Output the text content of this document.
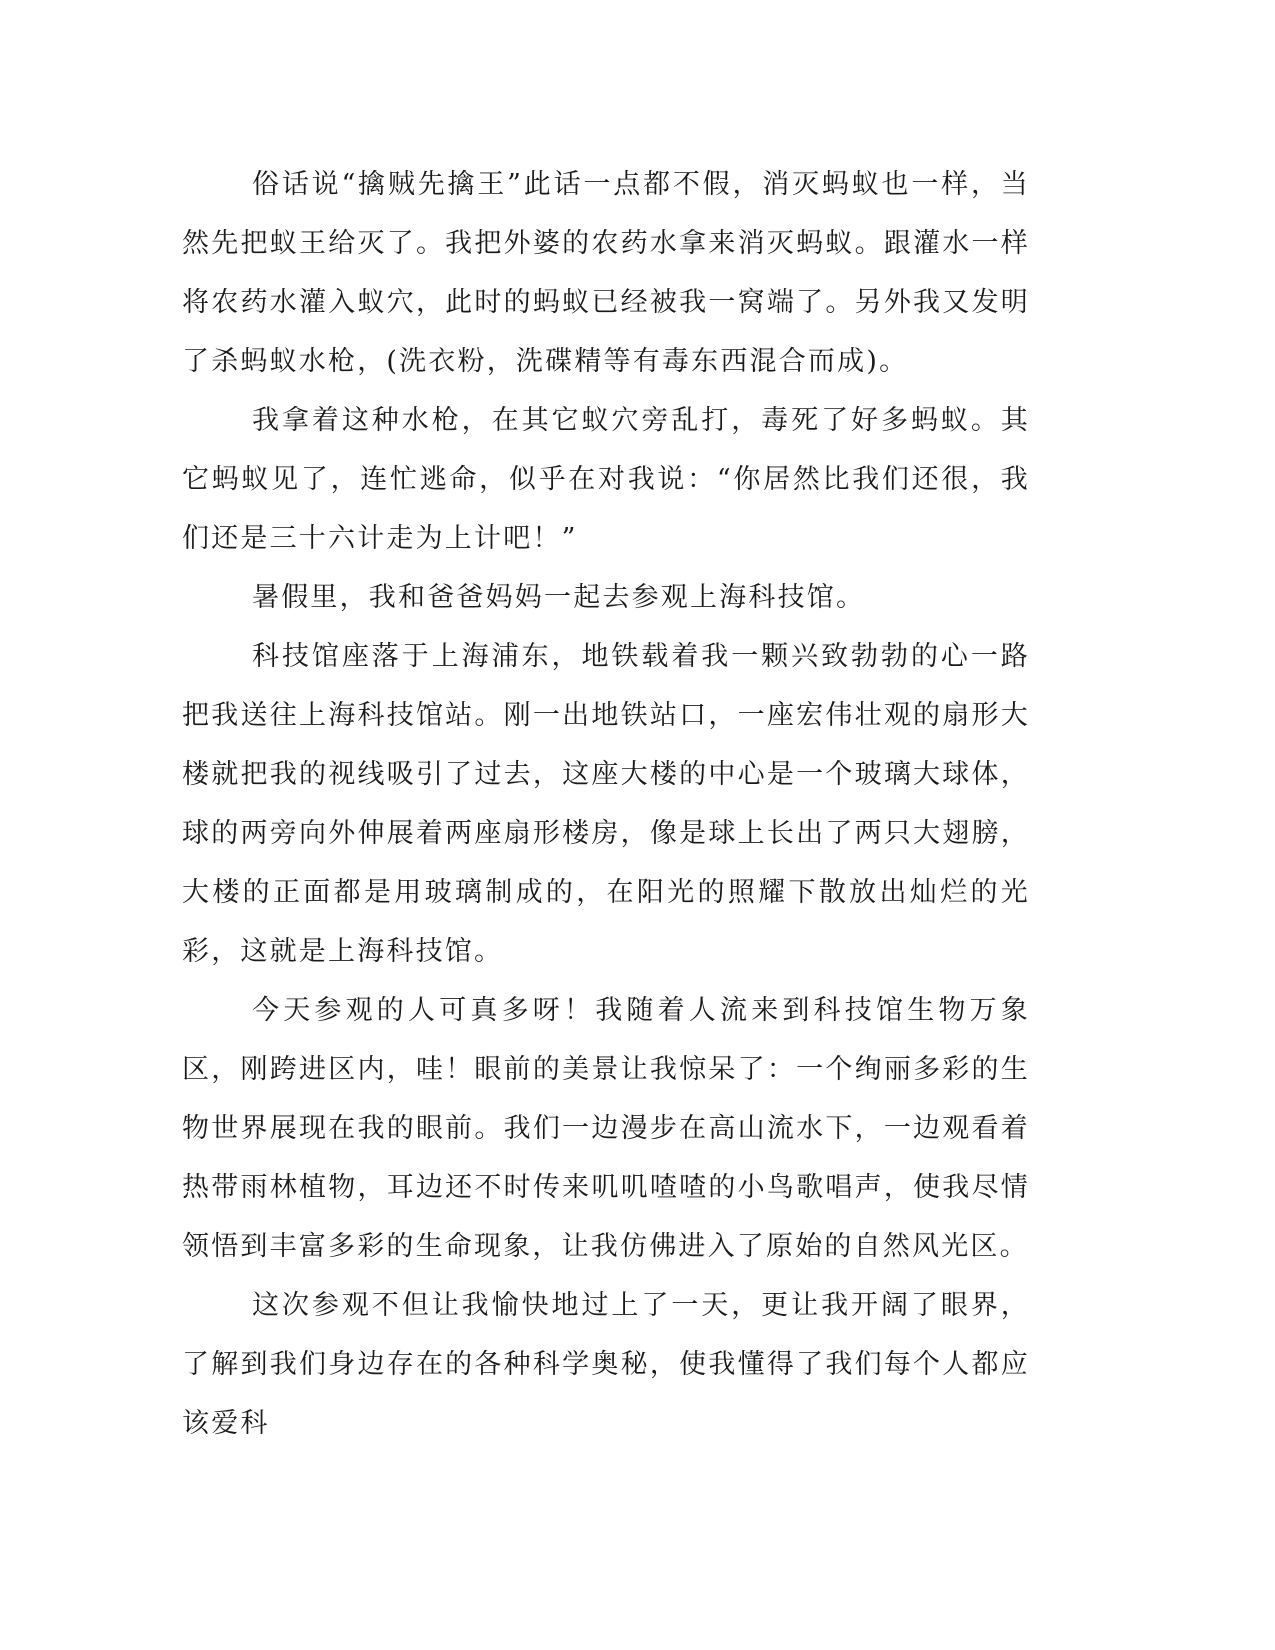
俗话说“擒贼先擒王”此话一点都不假，消灭蚂蚁也一样，当然先把蚁王给灭了。我把外婆的农药水拿来消灭蚂蚁。跟灌水一样将农药水灌入蚁穴，此时的蚂蚁已经被我一窝端了。另外我又发明了杀蚂蚁水枪，(洗衣粉，洗碟精等有毒东西混合而成)。

我拿着这种水枪，在其它蚁穴旁乱打，毒死了好多蚂蚁。其它蚂蚁见了，连忙逃命，似乎在对我说：“你居然比我们还很，我们还是三十六计走为上计吧！”

暑假里，我和爸爸妈妈一起去参观上海科技馆。

科技馆座落于上海浦东，地铁载着我一颗兴致勃勃的心一路把我送往上海科技馆站。刚一出地铁站口，一座宏伟壮观的扇形大楼就把我的视线吸引了过去，这座大楼的中心是一个玻璃大球体，球的两旁向外伸展着两座扇形楼房，像是球上长出了两只大翅膀，大楼的正面都是用玻璃制成的，在阳光的照耀下散放出灿烂的光彩，这就是上海科技馆。

今天参观的人可真多呀！我随着人流来到科技馆生物万象区，刚跨进区内，哇！眼前的美景让我惊呆了：一个绚丽多彩的生物世界展现在我的眼前。我们一边漫步在高山流水下，一边观看着热带雨林植物，耳边还不时传来叽叽喳喳的小鸟歌唱声，使我尽情领悟到丰富多彩的生命现象，让我仿佛进入了原始的自然风光区。

这次参观不但让我愉快地过上了一天，更让我开阔了眼界，了解到我们身边存在的各种科学奥秘，使我懂得了我们每个人都应该爱科
